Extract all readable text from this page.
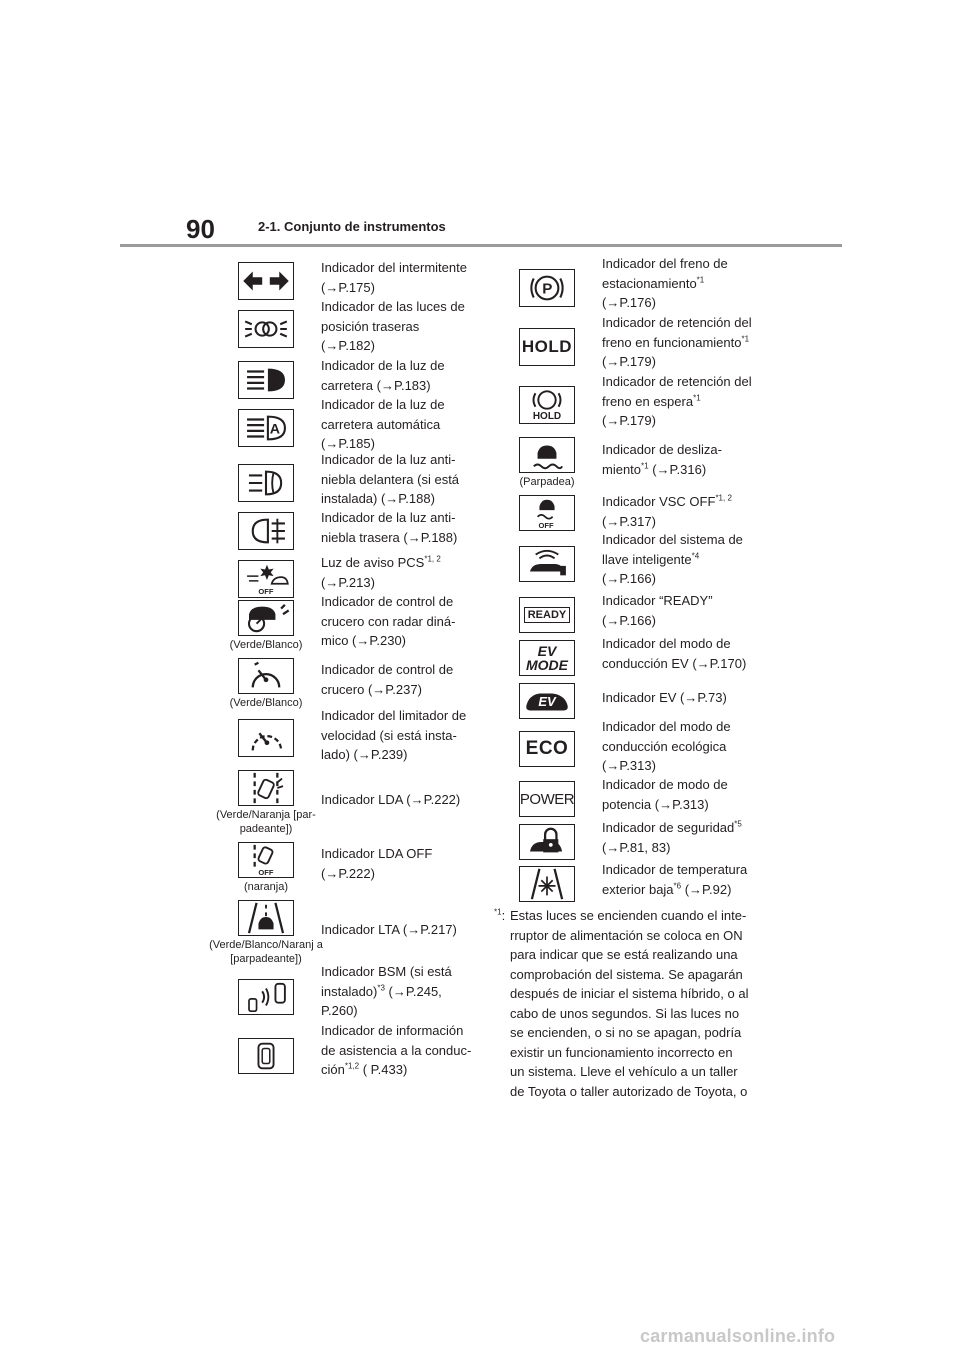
90	2-1. Conjunto de instrumentos
Indicador del intermitente
(→P.175)
Indicador de las luces de
posición traseras
(→P.182)
Indicador de la luz de
carretera (→P.183)
A
Indicador de la luz de
carretera automática
(→P.185)
Indicador de la luz anti-
niebla delantera (si está
instalada) (→P.188)
Indicador de la luz anti-
niebla trasera (→P.188)
OFF
Luz de aviso PCS$^{*1, 2}$
(→P.213)
(Verde/Blanco)
Indicador de control de
crucero con radar diná-
mico (→P.230)
(Verde/Blanco)
Indicador de control de
crucero (→P.237)
Indicador del limitador de
velocidad (si está insta-
lado) (→P.239)
(Verde/Naranja [par- padeante])
Indicador LDA (→P.222)
OFF
(naranja)
Indicador LDA OFF
(→P.222)
(Verde/Blanco/Naranj a [parpadeante])
Indicador LTA (→P.217)
Indicador BSM (si está
instalado)$^{*3}$ (→P.245,
P.260)
Indicador de información
de asistencia a la conduc-
ción$^{*1,2}$ ( P.433)
P
Indicador del freno de
estacionamiento$^{*1}$
(→P.176)
HOLD
Indicador de retención del
freno en funcionamiento$^{*1}$
(→P.179)
HOLD
Indicador de retención del
freno en espera$^{*1}$
(→P.179)
(Parpadea)
Indicador de desliza-
miento$^{*1}$ (→P.316)
OFF
Indicador VSC OFF$^{*1, 2}$
(→P.317)
Indicador del sistema de
llave inteligente$^{*4}$
(→P.166)
READY
Indicador “READY”
(→P.166)
EV
MODE
Indicador del modo de
conducción EV (→P.170)
EV	Indicador EV (→P.73)
ECO
Indicador del modo de
conducción ecológica
(→P.313)
POWER
Indicador de modo de
potencia (→P.313)
Indicador de seguridad$^{*5}$
(→P.81, 83)
Indicador de temperatura
exterior baja$^{*6}$ (→P.92)
$^{*1}$: Estas luces se encienden cuando el inte-
rruptor de alimentación se coloca en ON
para indicar que se está realizando una
comprobación del sistema. Se apagarán
después de iniciar el sistema híbrido, o al
cabo de unos segundos. Si las luces no
se encienden, o si no se apagan, podría
existir un funcionamiento incorrecto en
un sistema. Lleve el vehículo a un taller
de Toyota o taller autorizado de Toyota, o
carmanualsonline.info
